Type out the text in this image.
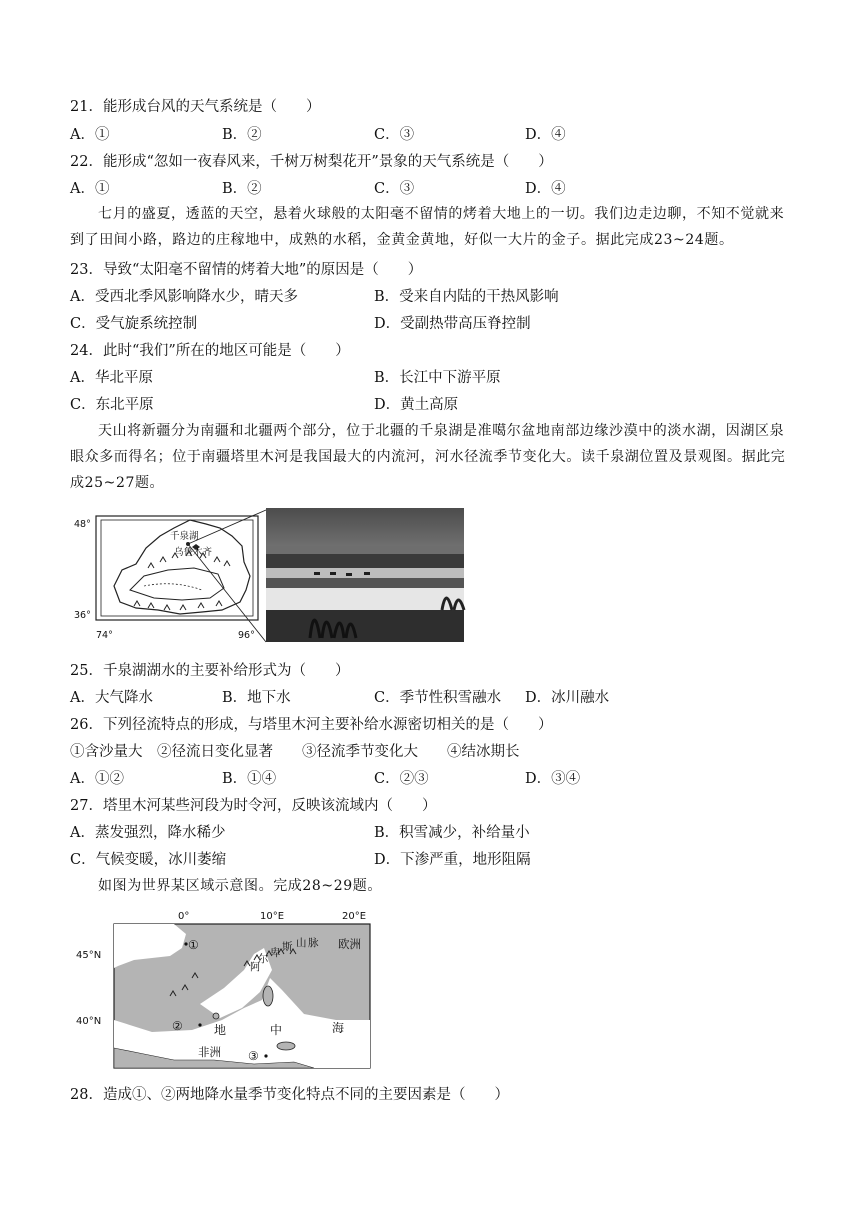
21．能形成台风的天气系统是（　　）
A．①	B．②	C．③	D．④
22．能形成“忽如一夜春风来，千树万树梨花开”景象的天气系统是（　　）
A．①	B．②	C．③	D．④
七月的盛夏，透蓝的天空，悬着火球般的太阳毫不留情的烤着大地上的一切。我们边走边聊，不知不觉就来到了田间小路，路边的庄稼地中，成熟的水稻，金黄金黄地，好似一大片的金子。据此完成23~24题。
23．导致“太阳毫不留情的烤着大地”的原因是（　　）
A．受西北季风影响降水少，晴天多	B．受来自内陆的干热风影响
C．受气旋系统控制	D．受副热带高压脊控制
24．此时“我们”所在的地区可能是（　　）
A．华北平原	B．长江中下游平原
C．东北平原	D．黄土高原
天山将新疆分为南疆和北疆两个部分，位于北疆的千泉湖是准噶尔盆地南部边缘沙漠中的淡水湖，因湖区泉眼众多而得名；位于南疆塔里木河是我国最大的内流河，河水径流季节变化大。读千泉湖位置及景观图。据此完成25~27题。
48°
36°
74°	96°
千泉湖
乌鲁木齐
25．千泉湖湖水的主要补给形式为（　　）
A．大气降水	B．地下水	C．季节性积雪融水 D．冰川融水
26．下列径流特点的形成，与塔里木河主要补给水源密切相关的是（　　）
①含沙量大　②径流日变化显著　　③径流季节变化大　　④结冰期长
A．①②	B．①④	C．②③	D．③④
27．塔里木河某些河段为时令河，反映该流域内（　　）
A．蒸发强烈，降水稀少	B．积雪减少，补给量小
C．气候变暖，冰川萎缩	D．下渗严重，地形阻隔
如图为世界某区域示意图。完成28~29题。
0°	10°E	20°E
45°N
40°N
欧洲
阿
尔 卑 斯 山 脉
地	中	海
非洲
①
②
③
28．造成①、②两地降水量季节变化特点不同的主要因素是（　　）
